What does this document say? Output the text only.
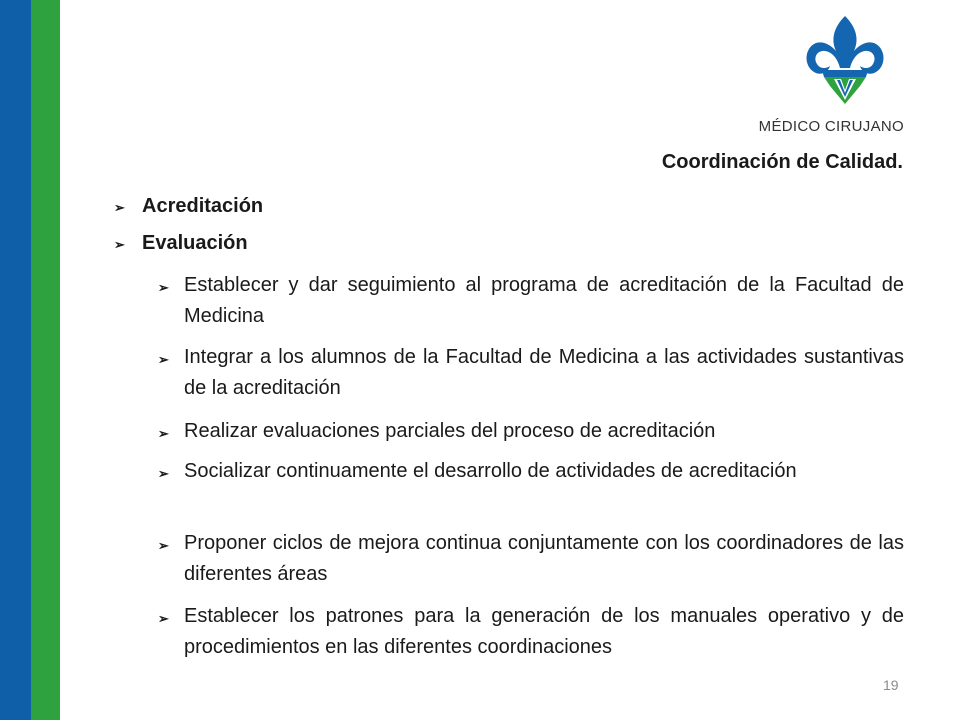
MÉDICO CIRUJANO
Coordinación de Calidad.
➢ Acreditación
➢ Evaluación
➢ Establecer y dar seguimiento al programa de acreditación de la Facultad de Medicina
➢ Integrar a los alumnos de la Facultad de Medicina a las actividades sustantivas de la acreditación
➢ Realizar evaluaciones parciales del proceso de acreditación
➢ Socializar continuamente el desarrollo de actividades de acreditación
➢ Proponer ciclos de mejora continua conjuntamente con los coordinadores de las diferentes áreas
➢ Establecer los patrones para la generación de los manuales operativo y de procedimientos en las diferentes coordinaciones
19
